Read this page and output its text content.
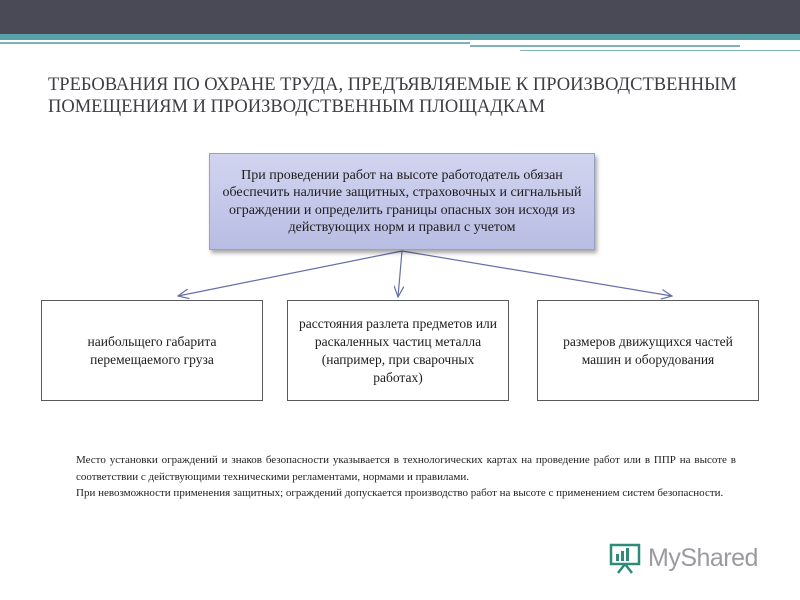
ТРЕБОВАНИЯ ПО ОХРАНЕ ТРУДА, ПРЕДЪЯВЛЯЕМЫЕ К ПРОИЗВОДСТВЕННЫМ ПОМЕЩЕНИЯМ И ПРОИЗВОДСТВЕННЫМ ПЛОЩАДКАМ
При проведении работ на высоте работодатель обязан обеспечить наличие защитных, страховочных и сигнальный ограждении и определить границы опасных зон исходя из действующих норм и правил с учетом
наибольщего габарита перемещаемого груза
расстояния разлета предметов или раскаленных частиц металла (например, при сварочных работах)
размеров движущихся частей машин и оборудования

Место установки ограждений и знаков безопасности указывается в технологических картах на проведение работ или в ППР на высоте в соответствии с действующими техническими регламентами, нормами и правилами.

При невозможности применения защитных; ограждений допускается производство работ на высоте с применением систем безопасности.

MyShared
